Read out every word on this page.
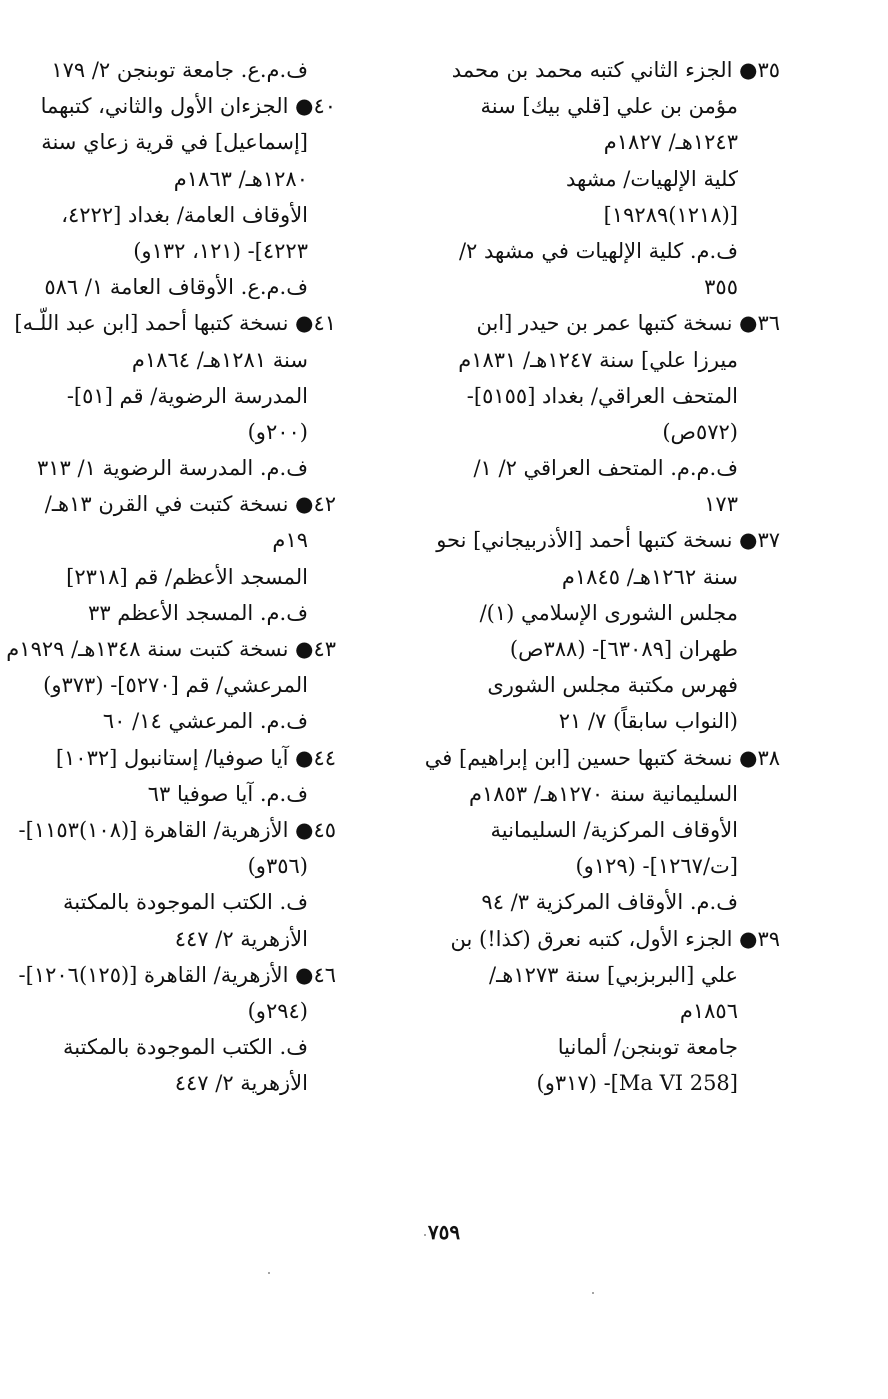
٣٥● الجزء الثاني كتبه محمد بن محمد
مؤمن بن علي [قلي بيك] سنة
١٢٤٣هـ/ ١٨٢٧م
كلية الإلهيات/ مشهد
[(١٢١٨)١٩٢٨٩]
ف.م. كلية الإلهيات في مشهد ٢/
٣٥٥
٣٦● نسخة كتبها عمر بن حيدر [ابن
ميرزا علي] سنة ١٢٤٧هـ/ ١٨٣١م
المتحف العراقي/ بغداد [٥١٥٥]-
(٥٧٢ص)
ف.م.م. المتحف العراقي ٢/ ١/
١٧٣
٣٧● نسخة كتبها أحمد [الأذربيجاني] نحو
سنة ١٢٦٢هـ/ ١٨٤٥م
مجلس الشورى الإسلامي (١)/
طهران [٦٣٠٨٩]- (٣٨٨ص)
فهرس مكتبة مجلس الشورى
(النواب سابقاً) ٧/ ٢١
٣٨● نسخة كتبها حسين [ابن إبراهيم] في
السليمانية سنة ١٢٧٠هـ/ ١٨٥٣م
الأوقاف المركزية/ السليمانية
[ت/١٢٦٧]- (١٢٩و)
ف.م. الأوقاف المركزية ٣/ ٩٤
٣٩● الجزء الأول، كتبه نعرق (كذا!) بن
علي [البربزبي] سنة ١٢٧٣هـ/
١٨٥٦م
جامعة توبنجن/ ألمانيا
[Ma VI 258]- (٣١٧و)
ف.م.ع. جامعة توبنجن ٢/ ١٧٩
٤٠● الجزءان الأول والثاني، كتبهما
[إسماعيل] في قرية زعاي سنة
١٢٨٠هـ/ ١٨٦٣م
الأوقاف العامة/ بغداد [٤٢٢٢،
٤٢٢٣]- (١٢١، ١٣٢و)
ف.م.ع. الأوقاف العامة ١/ ٥٨٦
٤١● نسخة كتبها أحمد [ابن عبد اللّـه]
سنة ١٢٨١هـ/ ١٨٦٤م
المدرسة الرضوية/ قم [٥١]-
(٢٠٠و)
ف.م. المدرسة الرضوية ١/ ٣١٣
٤٢● نسخة كتبت في القرن ١٣هـ/
١٩م
المسجد الأعظم/ قم [٢٣١٨]
ف.م. المسجد الأعظم ٣٣
٤٣● نسخة كتبت سنة ١٣٤٨هـ/ ١٩٢٩م
المرعشي/ قم [٥٢٧٠]- (٣٧٣و)
ف.م. المرعشي ١٤/ ٦٠
٤٤● آيا صوفيا/ إستانبول [١٠٣٢]
ف.م. آيا صوفيا ٦٣
٤٥● الأزهرية/ القاهرة [(١٠٨)١١٥٣]-
(٣٥٦و)
ف. الكتب الموجودة بالمكتبة
الأزهرية ٢/ ٤٤٧
٤٦● الأزهرية/ القاهرة [(١٢٥)١٢٠٦]-
(٢٩٤و)
ف. الكتب الموجودة بالمكتبة
الأزهرية ٢/ ٤٤٧
٧٥٩
